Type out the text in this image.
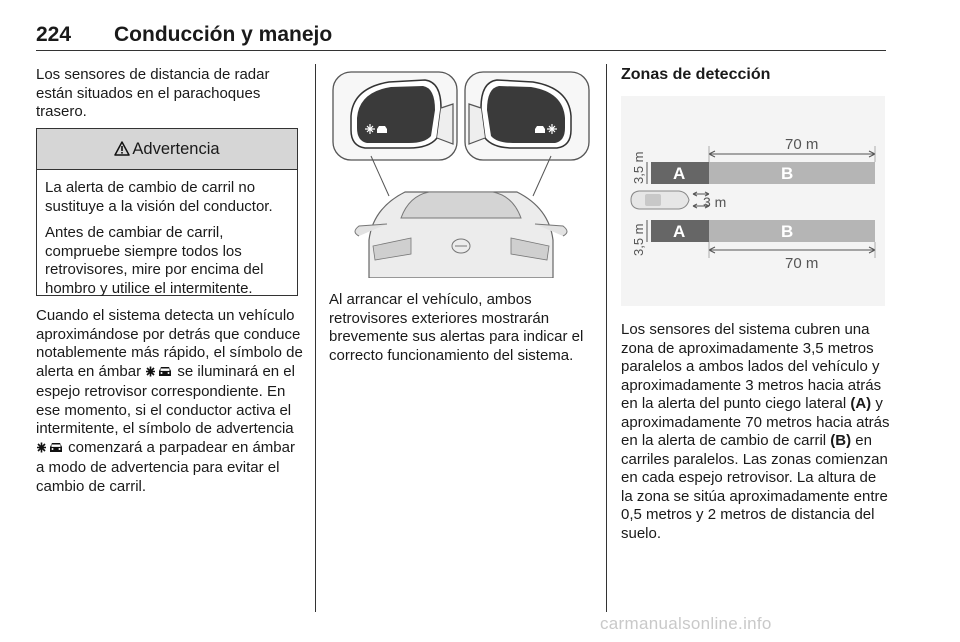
224 Conducción y manejo

Los sensores de distancia de radar están situados en el parachoques trasero.

Advertencia

La alerta de cambio de carril no sustituye a la visión del conductor.

Antes de cambiar de carril, compruebe siempre todos los retrovisores, mire por encima del hombro y utilice el intermitente.

Cuando el sistema detecta un vehículo aproximándose por detrás que conduce notablemente más rápido, el símbolo de alerta en ámbar se iluminará en el espejo retrovisor correspondiente. En ese momento, si el conductor activa el intermitente, el símbolo de advertencia  comenzará a parpadear en ámbar a modo de advertencia para evitar el cambio de carril.

Al arrancar el vehículo, ambos retrovisores exteriores mostrarán brevemente sus alertas para indicar el correcto funcionamiento del sistema.

Zonas de detección
70 m
A	B
3,5 m
3 m
A	B
3,5 m
70 m

Los sensores del sistema cubren una zona de aproximadamente 3,5 metros paralelos a ambos lados del vehículo y aproximadamente 3 metros hacia atrás en la alerta del punto ciego lateral (A) y aproximadamente 70 metros hacia atrás en la alerta de cambio de carril (B) en carriles paralelos. Las zonas comienzan en cada espejo retrovisor. La altura de la zona se sitúa aproximadamente entre 0,5 metros y 2 metros de distancia del suelo.

carmanualsonline.info
